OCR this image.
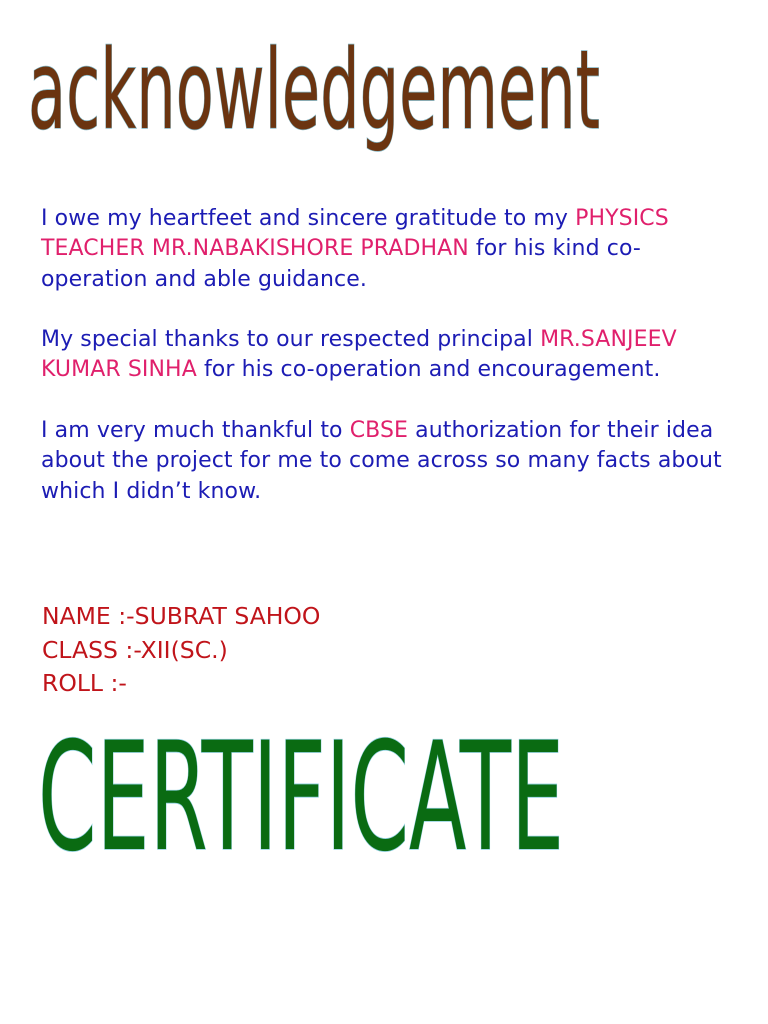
acknowledgement

I owe my heartfeet and sincere gratitude to my PHYSICS TEACHER MR.NABAKISHORE PRADHAN for his kind co-operation and able guidance.

My special thanks to our respected principal MR.SANJEEV KUMAR SINHA for his co-operation and encouragement.

I am very much thankful to CBSE authorization for their idea about the project for me to come across so many facts about which I didn’t know.

NAME :-SUBRAT SAHOO
CLASS :-XII(SC.)
ROLL :-
CERTIFICATE
